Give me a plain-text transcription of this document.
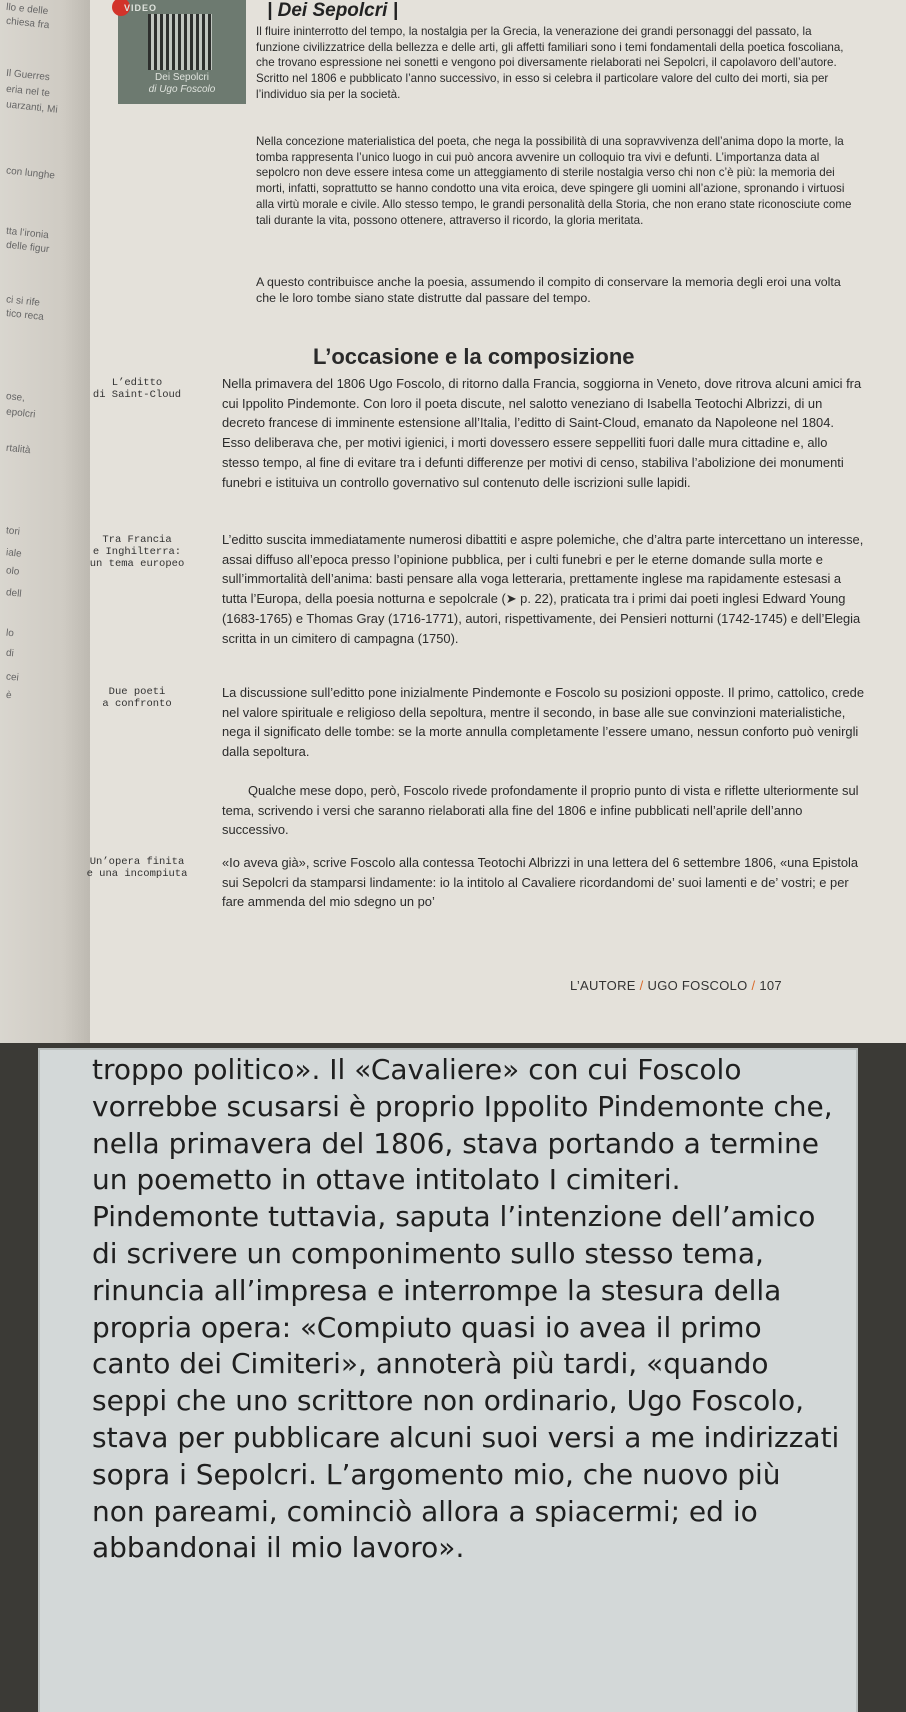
llo e delle
chiesa fra
Il Guerres
eria nel te
uarzanti, Mi
con lunghe
tta l’ironia
delle figur
ci si rife
tico reca
ose,
epolcri
rtalità
tori
iale
olo
dell
lo
di
cei
è
VIDEO
Dei Sepolcri
di Ugo Foscolo
| Dei Sepolcri |

Il fluire ininterrotto del tempo, la nostalgia per la Grecia, la venerazione dei grandi personaggi del passato, la funzione civilizzatrice della bellezza e delle arti, gli affetti familiari sono i temi fondamentali della poetica foscoliana, che trovano espressione nei sonetti e vengono poi diversamente rielaborati nei Sepolcri, il capolavoro dell’autore. Scritto nel 1806 e pubblicato l’anno successivo, in esso si celebra il particolare valore del culto dei morti, sia per l’individuo sia per la società.

Nella concezione materialistica del poeta, che nega la possibilità di una sopravvivenza dell’anima dopo la morte, la tomba rappresenta l’unico luogo in cui può ancora avvenire un colloquio tra vivi e defunti. L’importanza data al sepolcro non deve essere intesa come un atteggiamento di sterile nostalgia verso chi non c’è più: la memoria dei morti, infatti, soprattutto se hanno condotto una vita eroica, deve spingere gli uomini all’azione, spronando i virtuosi alla virtù morale e civile. Allo stesso tempo, le grandi personalità della Storia, che non erano state riconosciute come tali durante la vita, possono ottenere, attraverso il ricordo, la gloria meritata.

A questo contribuisce anche la poesia, assumendo il compito di conservare la memoria degli eroi una volta che le loro tombe siano state distrutte dal passare del tempo.

L’occasione e la composizione
L’editto
di Saint-Cloud

Nella primavera del 1806 Ugo Foscolo, di ritorno dalla Francia, soggiorna in Veneto, dove ritrova alcuni amici fra cui Ippolito Pindemonte. Con loro il poeta discute, nel salotto veneziano di Isabella Teotochi Albrizzi, di un decreto francese di imminente estensione all’Italia, l’editto di Saint-Cloud, emanato da Napoleone nel 1804. Esso deliberava che, per motivi igienici, i morti dovessero essere seppelliti fuori dalle mura cittadine e, allo stesso tempo, al fine di evitare tra i defunti differenze per motivi di censo, stabiliva l’abolizione dei monumenti funebri e istituiva un controllo governativo sul contenuto delle iscrizioni sulle lapidi.

Tra Francia
e Inghilterra:
un tema europeo

L’editto suscita immediatamente numerosi dibattiti e aspre polemiche, che d’altra parte intercettano un interesse, assai diffuso all’epoca presso l’opinione pubblica, per i culti funebri e per le eterne domande sulla morte e sull’immortalità dell’anima: basti pensare alla voga letteraria, prettamente inglese ma rapidamente estesasi a tutta l’Europa, della poesia notturna e sepolcrale (➤ p. 22), praticata tra i primi dai poeti inglesi Edward Young (1683-1765) e Thomas Gray (1716-1771), autori, rispettivamente, dei Pensieri notturni (1742-1745) e dell’Elegia scritta in un cimitero di campagna (1750).

Due poeti
a confronto

La discussione sull’editto pone inizialmente Pindemonte e Foscolo su posizioni opposte. Il primo, cattolico, crede nel valore spirituale e religioso della sepoltura, mentre il secondo, in base alle sue convinzioni materialistiche, nega il significato delle tombe: se la morte annulla completamente l’essere umano, nessun conforto può venirgli dalla sepoltura.

Qualche mese dopo, però, Foscolo rivede profondamente il proprio punto di vista e riflette ulteriormente sul tema, scrivendo i versi che saranno rielaborati alla fine del 1806 e infine pubblicati nell’aprile dell’anno successivo.

Un’opera finita
e una incompiuta

«Io aveva già», scrive Foscolo alla contessa Teotochi Albrizzi in una lettera del 6 settembre 1806, «una Epistola sui Sepolcri da stamparsi lindamente: io la intitolo al Cavaliere ricordandomi de’ suoi lamenti e de’ vostri; e per fare ammenda del mio sdegno un po’

L’AUTORE / UGO FOSCOLO / 107

troppo politico». Il «Cavaliere» con cui Foscolo vorrebbe scusarsi è proprio Ippolito Pindemonte che, nella primavera del 1806, stava portando a termine un poemetto in ottave intitolato I cimiteri. Pindemonte tuttavia, saputa l’intenzione dell’amico di scrivere un componimento sullo stesso tema, rinuncia all’impresa e interrompe la stesura della propria opera: «Compiuto quasi io avea il primo canto dei Cimiteri», annoterà più tardi, «quando seppi che uno scrittore non ordinario, Ugo Foscolo, stava per pubblicare alcuni suoi versi a me indirizzati sopra i Sepolcri. L’argomento mio, che nuovo più non pareami, cominciò allora a spiacermi; ed io abbandonai il mio lavoro».
